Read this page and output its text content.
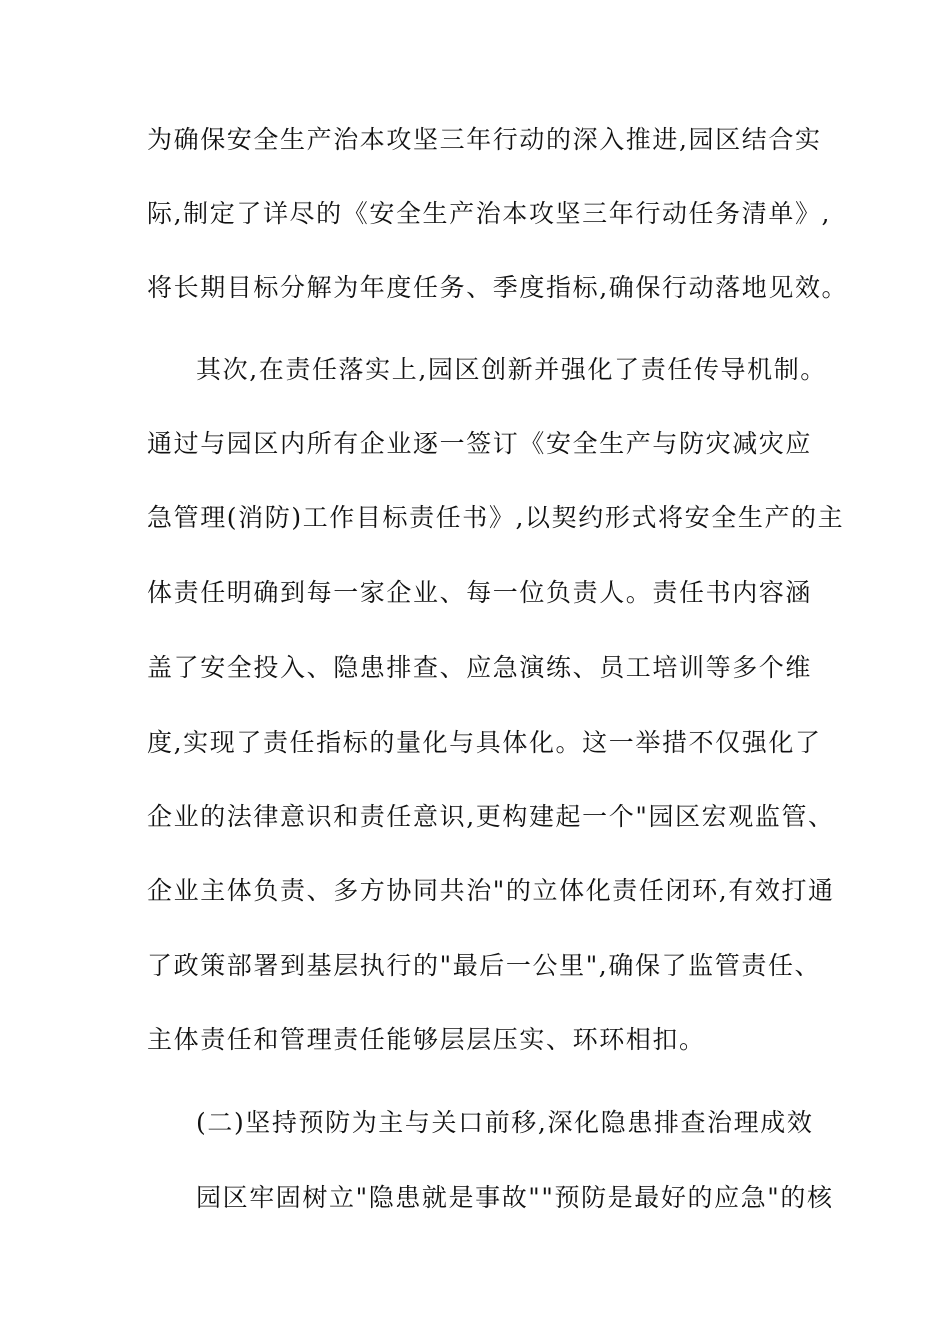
为确保安全生产治本攻坚三年行动的深入推进,园区结合实
际,制定了详尽的《安全生产治本攻坚三年行动任务清单》,
将长期目标分解为年度任务、季度指标,确保行动落地见效。
其次,在责任落实上,园区创新并强化了责任传导机制。
通过与园区内所有企业逐一签订《安全生产与防灾减灾应
急管理(消防)工作目标责任书》,以契约形式将安全生产的主
体责任明确到每一家企业、每一位负责人。责任书内容涵
盖了安全投入、隐患排查、应急演练、员工培训等多个维
度,实现了责任指标的量化与具体化。这一举措不仅强化了
企业的法律意识和责任意识,更构建起一个"园区宏观监管、
企业主体负责、多方协同共治"的立体化责任闭环,有效打通
了政策部署到基层执行的"最后一公里",确保了监管责任、
主体责任和管理责任能够层层压实、环环相扣。
(二)坚持预防为主与关口前移,深化隐患排查治理成效
园区牢固树立"隐患就是事故""预防是最好的应急"的核
